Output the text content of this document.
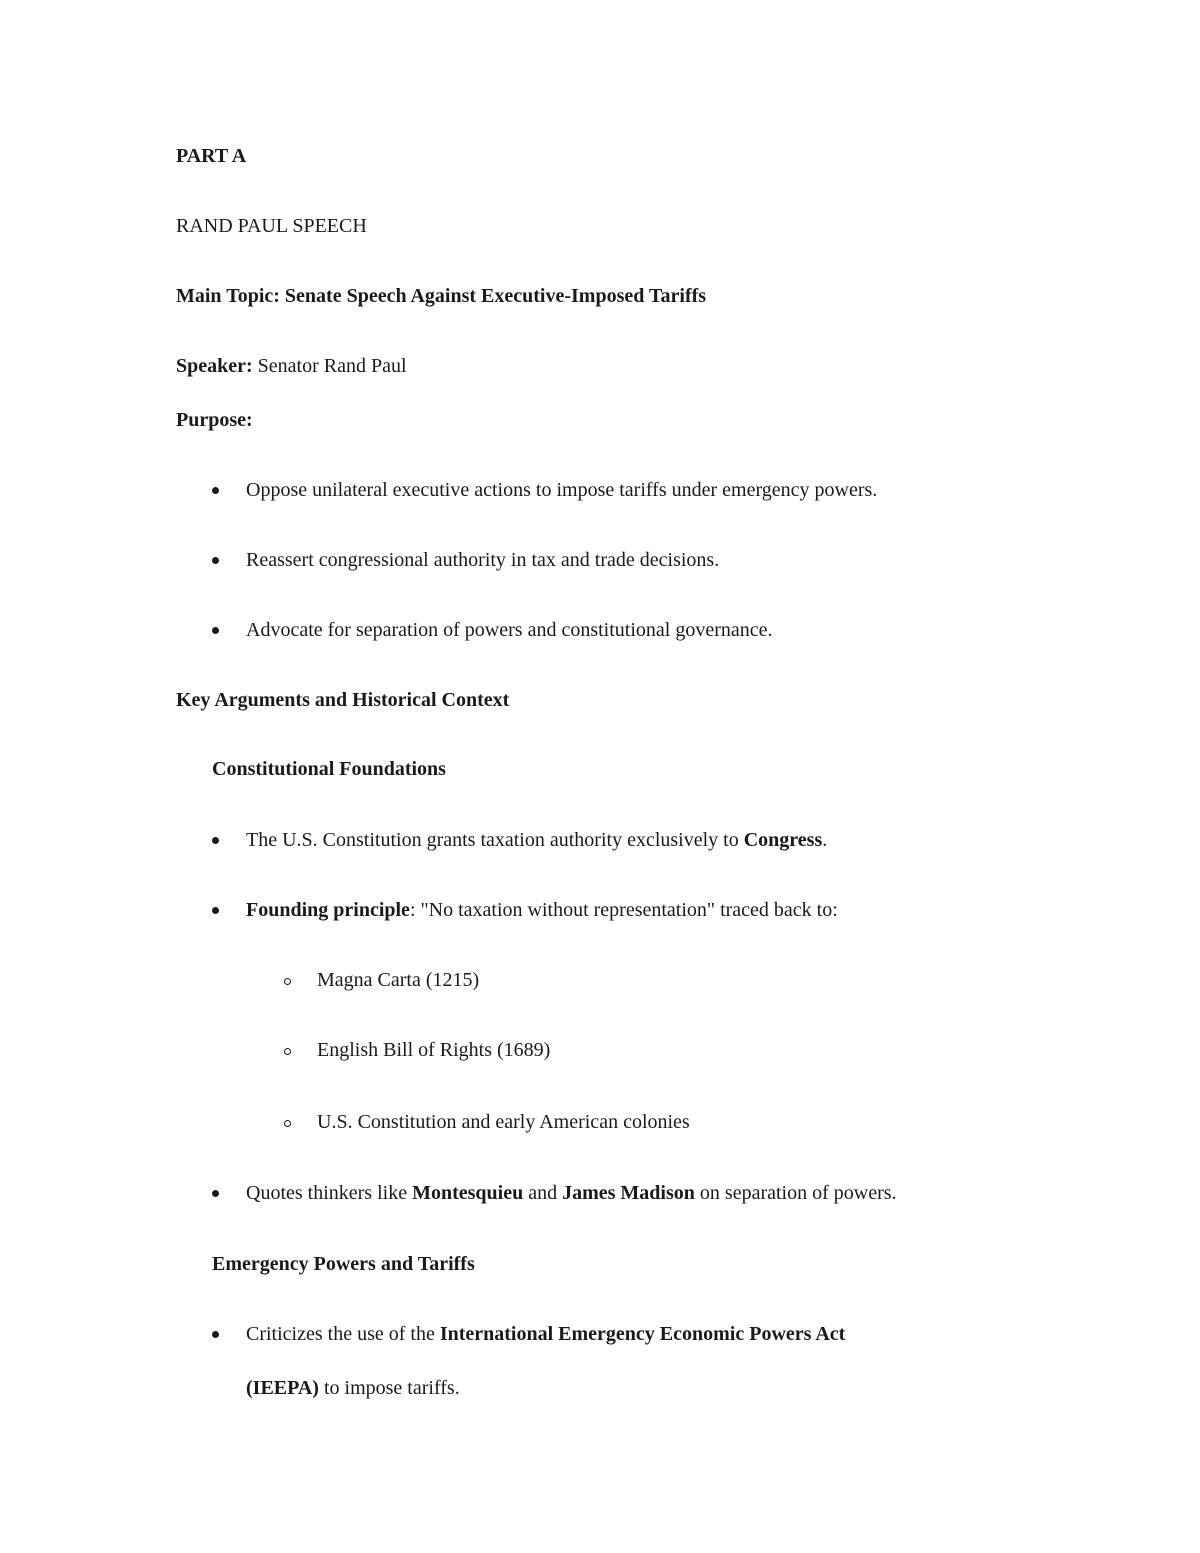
PART A
RAND PAUL SPEECH
Main Topic: Senate Speech Against Executive-Imposed Tariffs
Speaker: Senator Rand Paul
Purpose:
Oppose unilateral executive actions to impose tariffs under emergency powers.
Reassert congressional authority in tax and trade decisions.
Advocate for separation of powers and constitutional governance.
Key Arguments and Historical Context
Constitutional Foundations
The U.S. Constitution grants taxation authority exclusively to Congress.
Founding principle: "No taxation without representation" traced back to:
Magna Carta (1215)
English Bill of Rights (1689)
U.S. Constitution and early American colonies
Quotes thinkers like Montesquieu and James Madison on separation of powers.
Emergency Powers and Tariffs
Criticizes the use of the International Emergency Economic Powers Act
(IEEPA) to impose tariffs.
